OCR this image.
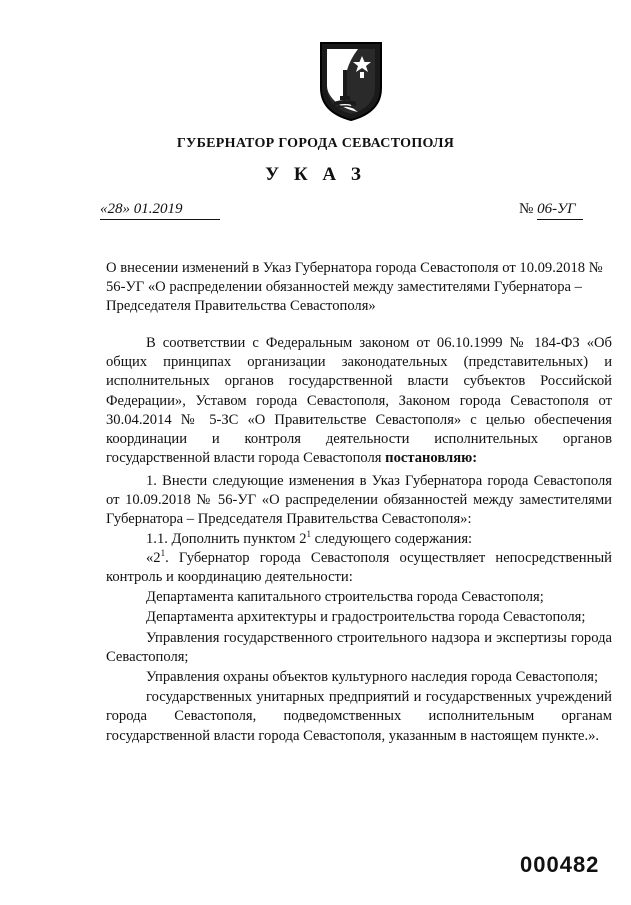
ГУБЕРНАТОР ГОРОДА СЕВАСТОПОЛЯ
У К А З
«28» 01.2019	№ 06-УГ

О внесении изменений в Указ Губернатора города Севастополя от 10.09.2018 № 56-УГ «О распределении обязанностей между заместителями Губернатора – Председателя Правительства Севастополя»

В соответствии с Федеральным законом от 06.10.1999 № 184-ФЗ «Об общих принципах организации законодательных (представительных) и исполнительных органов государственной власти субъектов Российской Федерации», Уставом города Севастополя, Законом города Севастополя от 30.04.2014 № 5-ЗС «О Правительстве Севастополя» с целью обеспечения координации и контроля деятельности исполнительных органов государственной власти города Севастополя постановляю:

1. Внести следующие изменения в Указ Губернатора города Севастополя от 10.09.2018 № 56-УГ «О распределении обязанностей между заместителями Губернатора – Председателя Правительства Севастополя»:

1.1. Дополнить пунктом $2^1$ следующего содержания:

«$2^1$. Губернатор города Севастополя осуществляет непосредственный контроль и координацию деятельности:

Департамента капитального строительства города Севастополя;

Департамента архитектуры и градостроительства города Севастополя;

Управления государственного строительного надзора и экспертизы города Севастополя;

Управления охраны объектов культурного наследия города Севастополя;

государственных унитарных предприятий и государственных учреждений города Севастополя, подведомственных исполнительным органам государственной власти города Севастополя, указанным в настоящем пункте.».

000482
